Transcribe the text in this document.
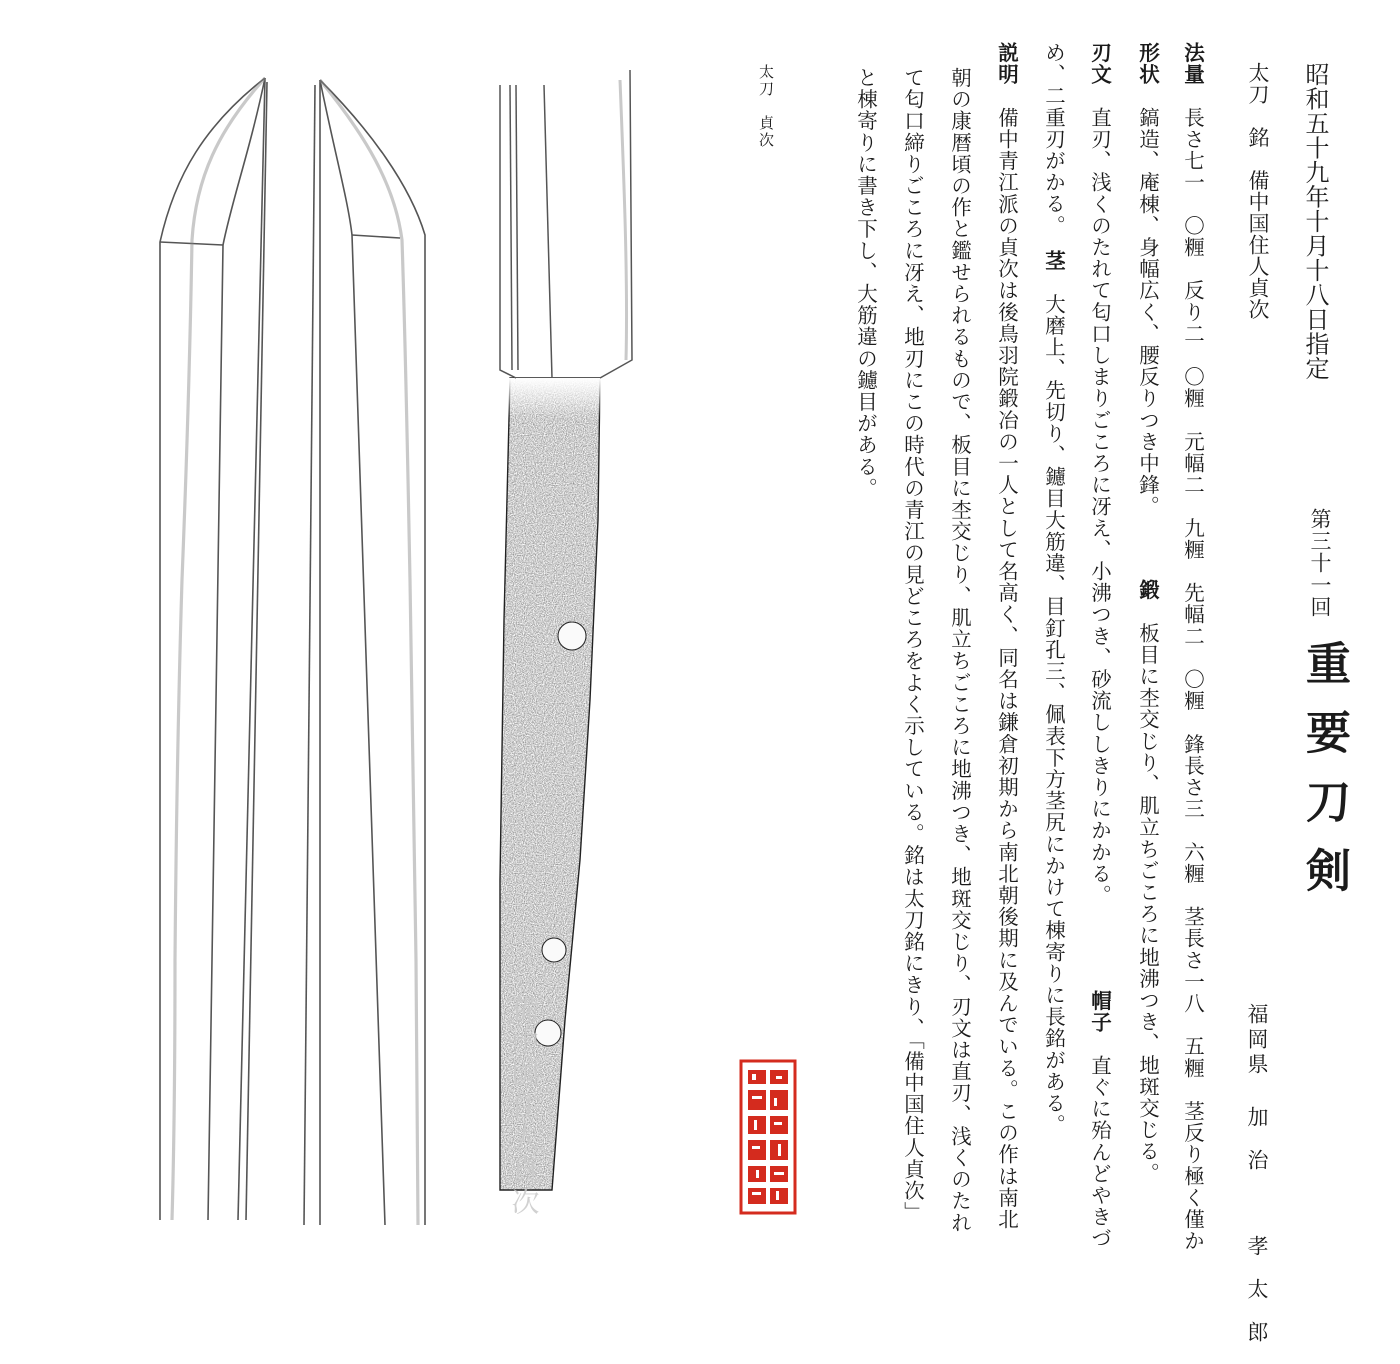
昭和五十九年十月十八日指定
第三十一回
重要刀剣
福岡県
加治　孝太郎
太刀　銘　備中国住人貞次
法量　長さ七一　〇糎　反り二　〇糎　元幅二　九糎　先幅二　〇糎　鋒長さ三　六糎　茎長さ一八　五糎　茎反り極く僅か
形状　鎬造、庵棟、身幅広く、腰反りつき中鋒。
鍛　板目に杢交じり、肌立ちごころに地沸つき、地斑交じる。
刃文　直刃、浅くのたれて匂口しまりごころに冴え、小沸つき、砂流ししきりにかかる。
帽子　直ぐに殆んどやきづ
め、二重刃がかる。
茎　大磨上、先切り、鑢目大筋違、目釘孔三、佩表下方茎尻にかけて棟寄りに長銘がある。
説明　備中青江派の貞次は後鳥羽院鍛冶の一人として名高く、同名は鎌倉初期から南北朝後期に及んでいる。この作は南北
朝の康暦頃の作と鑑せられるもので、板目に杢交じり、肌立ちごころに地沸つき、地斑交じり、刃文は直刃、浅くのたれ
て匂口締りごころに冴え、地刃にこの時代の青江の見どころをよく示している。銘は太刀銘にきり、「備中国住人貞次」
と棟寄りに書き下し、大筋違の鑢目がある。
太刀　貞次
備中国住人貞次
